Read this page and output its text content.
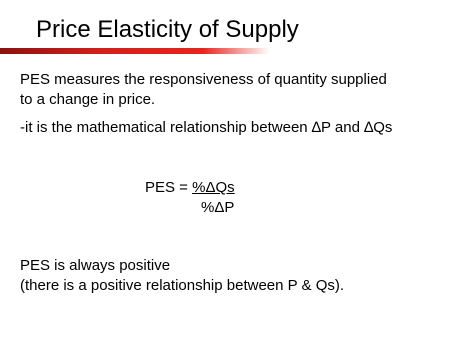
Price Elasticity of Supply
PES measures the responsiveness of quantity supplied
to a change in price.
-it is the mathematical relationship between ∆P and ∆Qs
PES = %ΔQs
%ΔP
PES is always positive
(there is a positive relationship between P & Qs).
